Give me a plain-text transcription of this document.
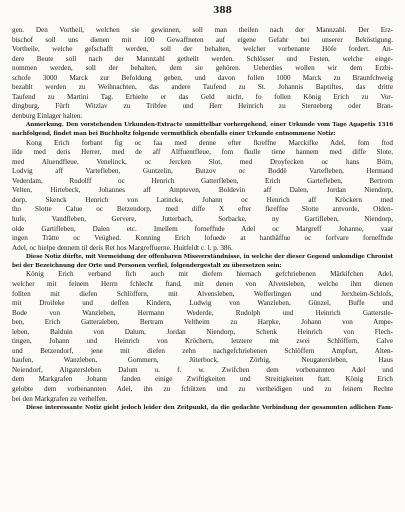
388
gen. Den Vortheil, welchen sie gewinnen, soll man theilen nach der Mannzahl. Der Erz-
bischof soll uns dienen mit 100 Gewaffneten auf eigene Gefahr bei unserer Beköstigung.
Vortheile, welche gefschafft werden, soll der behalten, welcher vorbenante Höfe fordert. An-
dere Beute soll nach der Mannzahl getheilt werden. Schlösser und Festen, welche einge-
nommen werden, soll der behalten, dem sie gehören. Ueberdies wollen wir dem Erzbi-
schofe 3000 Marck zur Befoldung geben, und davon follen 1000 Marck zu Braunfchweig
bezahlt werden zu Weihnachten, das andere Taufend zu St. Johannis Baptiftes, das dritte
Taufend zu Martini Tag. Erhielte er das Geld nicht, fo follen König Erich zu Vor-
dingburg, Fürft Witzlav zu Tribfee und Herr Heinrich zu Sterneberg oder Bran-
denburg Einlager halten.
Anmerkung. Den vorstehenden Urkunden-Extracte unmittelbar vorhergehend, einer Urkunde vom Tage Agapetis 1316
nachfolgend, findet man bei Buchholtz folgende vermuthlich ebenfalls einer Urkunde entnommene Notiz:
Kong Erich forbant fig oc faa med denne efter fkreffne Marckifke Adel, fom ftod
ilde med deris Herrer, med de aff Alffuentfleue, fom fkulle tiene hannem med diffe Slote,
med Aluendfleue, Venelinck, oc Jercken Slot, med Droyfecken oc hans Börn,
Lodvig aff Vartefleben, Guntzelin, Butzov oc Boddë Vartefleben, Hermand
Vederdam, Rudolff oc Henrich Gatterfleben, Erich Gartefleben, Bertrom
Velten, Hirtebeck, Johannes aff Ampteven, Boldevin aff Dalen, Jordan Niendorp,
dorp, Skenck Henrich von Latincke, Johann oc Henrich aff Kröckern med
tho Slotte Calue oc Betzendorp, med diffe X efter fkreffne Slotte antvorde, Olden-
hufe, Vandfleben, Gervere, Jutterbach, Sorbacke, ny Gartifleben, Niendorp,
olde Gartifleben, Dalen etc. Imellem forneffnde Adel oc Margreff Johanne, vaar
ingen Trätte oc Veüghed. Konning Erich lofuede at hanthäffue oc forfvare forneffnde
Adel, oc hielpe dennem til deris Ret hos Margreffuerne. Huitfeldt c. l. p. 386.
Diese Notiz dürfte, mit Vermeidung der offenbaren Missverständnisse, in welche der dieser Gegend unkundige Chronist
bei der Bezeichnung der Orte und Personen verfiel, folgendergestalt zu übersetzen sein:
König Erich verband fich auch mit diefem hiernach gefchriebenen Märkifchen Adel,
welcher mit feinem Herrn fchlecht ftand, mit denen von Alvensleben, welche ihm dienen
follten mit diefen Schlöffern, mit Alvensleben, Wefferlingen und Jerxheim-Schlofs,
mit Droifeke und deffen Kindern, Ludwig von Wanzleben, Günzel, Buffe und
Bode von Wanzleben, Hermann Wederde, Rudolph und Heinrich Gatterstle-
ben, Erich Gatteraleben, Bertram Veltheim zu Harpke, Johann von Ampe-
leben, Balduin von Dalum, Jordan Niendorp, Schenk Heinrich von Flech-
tingen, Johann und Heinrich von Kröchern, letztere mit zwei Schlöffern, Calve
und Betzendorf, jene mit diefen zehn nachgefchriebenen Schlöffern Ampfurt, Alten-
haufen, Wanzleben, Gommern, Jüterbock, Zörbig, Neugatersleben, Haus
Neiendorf, Altgatersleben Dalum u. f. w. Zwifchen dem vorbenannten Adel und
dem Markgrafen Johann fanden einige Zwiftigkeiten und Streitigkeiten ftatt. König Erich
gelobte dem vorbenannten Adel, ihn zu fchützen und zu vertheidigen und zu feinem Rechte
bei den Markgrafen zu verhelfen.
Diese interessante Notiz giebt jedoch leider den Zeitpunkt, da die gedachte Verbindung der gesammten adlichen Fam-
